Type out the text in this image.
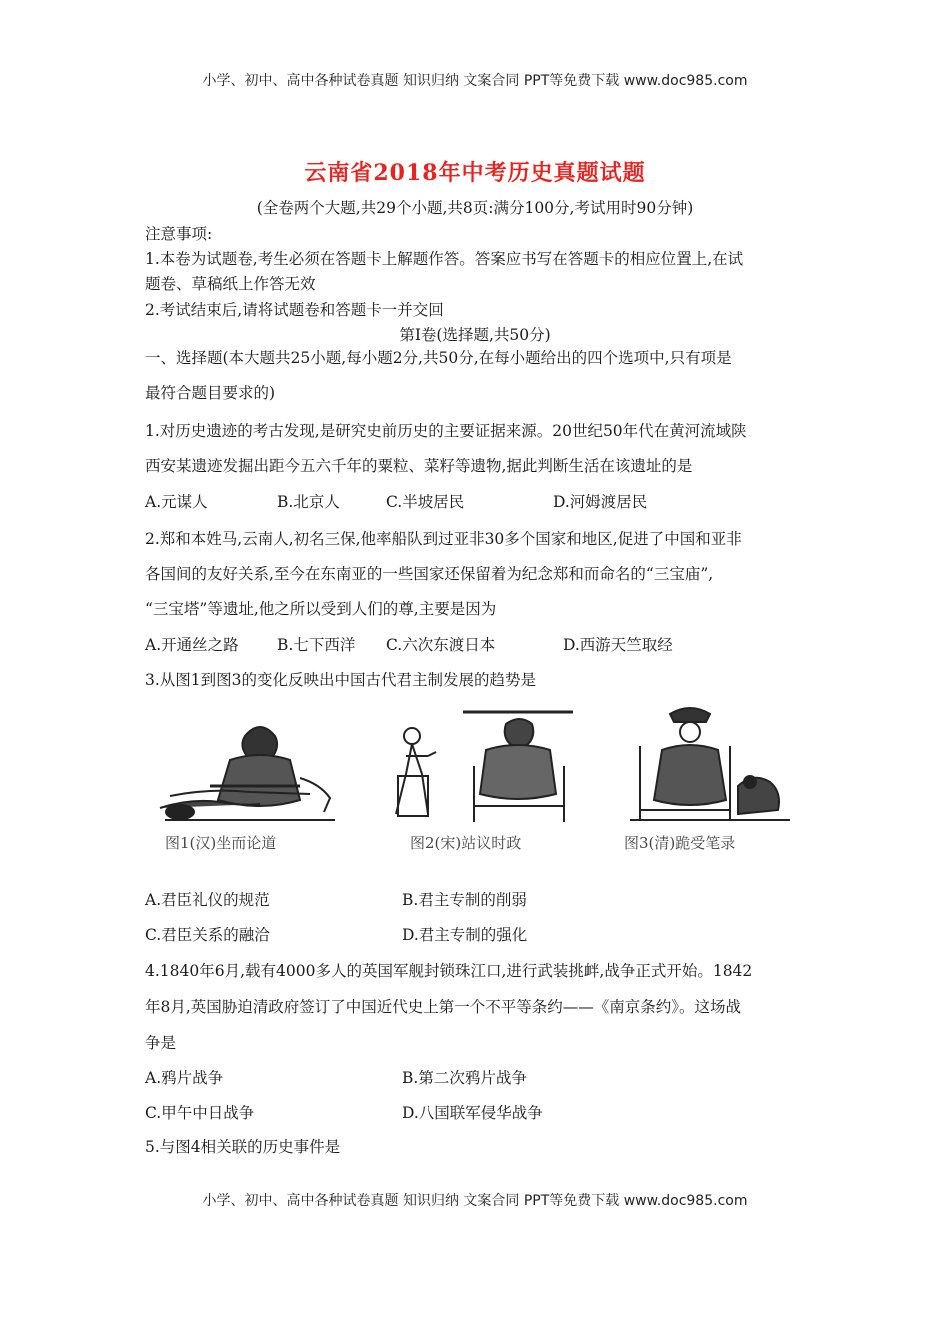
小学、初中、高中各种试卷真题 知识归纳 文案合同 PPT等免费下载 www.doc985.com
云南省2018年中考历史真题试题
(全卷两个大题,共29个小题,共8页:满分100分,考试用时90分钟)
注意事项:
1.本卷为试题卷,考生必须在答题卡上解题作答。答案应书写在答题卡的相应位置上,在试
题卷、草稿纸上作答无效
2.考试结束后,请将试题卷和答题卡一并交回
第Ⅰ卷(选择题,共50分)
一、选择题(本大题共25小题,每小题2分,共50分,在每小题给出的四个选项中,只有项是
最符合题目要求的)
1.对历史遗迹的考古发现,是研究史前历史的主要证据来源。20世纪50年代在黄河流域陕
西安某遗迹发掘出距今五六千年的粟粒、菜籽等遗物,据此判断生活在该遗址的是
A.元谋人	B.北京人	C.半坡居民	D.河姆渡居民
2.郑和本姓马,云南人,初名三保,他率船队到过亚非30多个国家和地区,促进了中国和亚非
各国间的友好关系,至今在东南亚的一些国家还保留着为纪念郑和而命名的“三宝庙”,
“三宝塔”等遗址,他之所以受到人们的尊,主要是因为
A.开通丝之路 B.七下西洋 C.六次东渡日本	D.西游天竺取经
3.从图1到图3的变化反映出中国古代君主制发展的趋势是
图1(汉)坐而论道	图2(宋)站议时政	图3(清)跪受笔录
A.君臣礼仪的规范	B.君主专制的削弱
C.君臣关系的融洽	D.君主专制的强化
4.1840年6月,载有4000多人的英国军舰封锁珠江口,进行武装挑衅,战争正式开始。1842
年8月,英国胁迫清政府签订了中国近代史上第一个不平等条约——《南京条约》。这场战
争是
A.鸦片战争	B.第二次鸦片战争
C.甲午中日战争	D.八国联军侵华战争
5.与图4相关联的历史事件是
小学、初中、高中各种试卷真题 知识归纳 文案合同 PPT等免费下载 www.doc985.com
